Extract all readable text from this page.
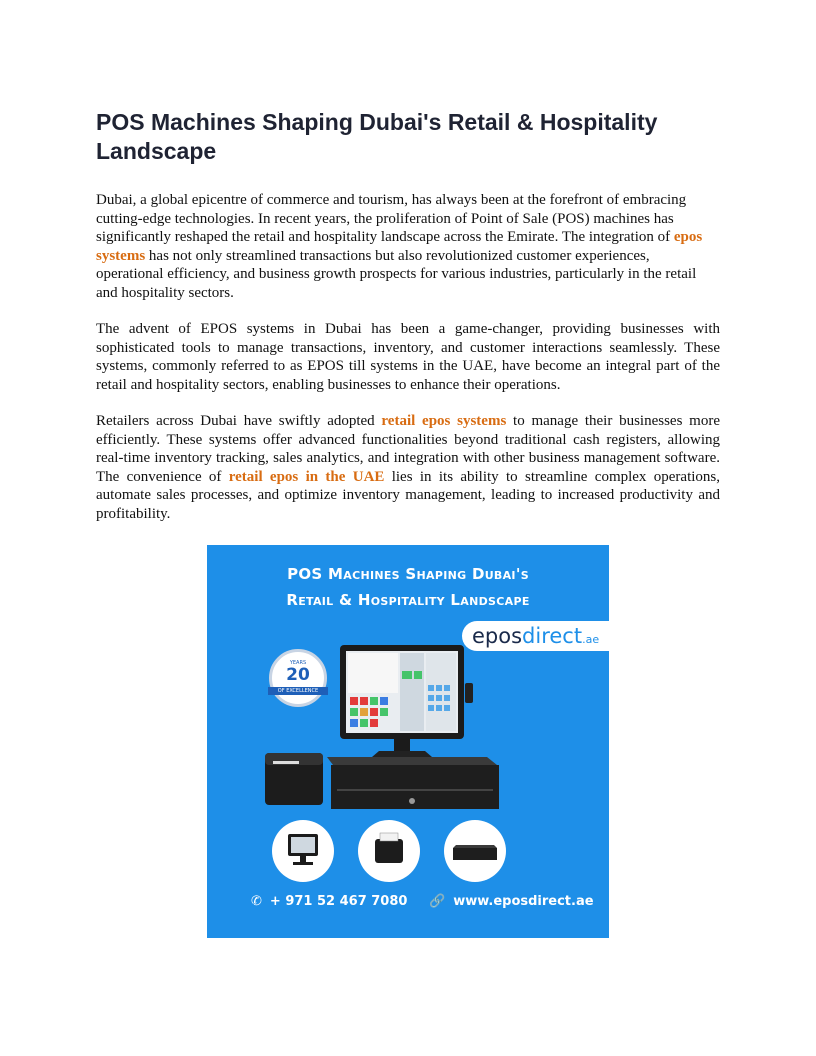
POS Machines Shaping Dubai's Retail & Hospitality Landscape

Dubai, a global epicentre of commerce and tourism, has always been at the forefront of embracing cutting-edge technologies. In recent years, the proliferation of Point of Sale (POS) machines has significantly reshaped the retail and hospitality landscape across the Emirate. The integration of epos systems has not only streamlined transactions but also revolutionized customer experiences, operational efficiency, and business growth prospects for various industries, particularly in the retail and hospitality sectors.

The advent of EPOS systems in Dubai has been a game-changer, providing businesses with sophisticated tools to manage transactions, inventory, and customer interactions seamlessly. These systems, commonly referred to as EPOS till systems in the UAE, have become an integral part of the retail and hospitality sectors, enabling businesses to enhance their operations.

Retailers across Dubai have swiftly adopted retail epos systems to manage their businesses more efficiently. These systems offer advanced functionalities beyond traditional cash registers, allowing real-time inventory tracking, sales analytics, and integration with other business management software. The convenience of retail epos in the UAE lies in its ability to streamline complex operations, automate sales processes, and optimize inventory management, leading to increased productivity and profitability.

POS Machines Shaping Dubai's
Retail & Hospitality Landscape
eposdirect.ae
YEARS
20
OF EXCELLENCE
✆ + 971 52 467 7080 🔗 www.eposdirect.ae
